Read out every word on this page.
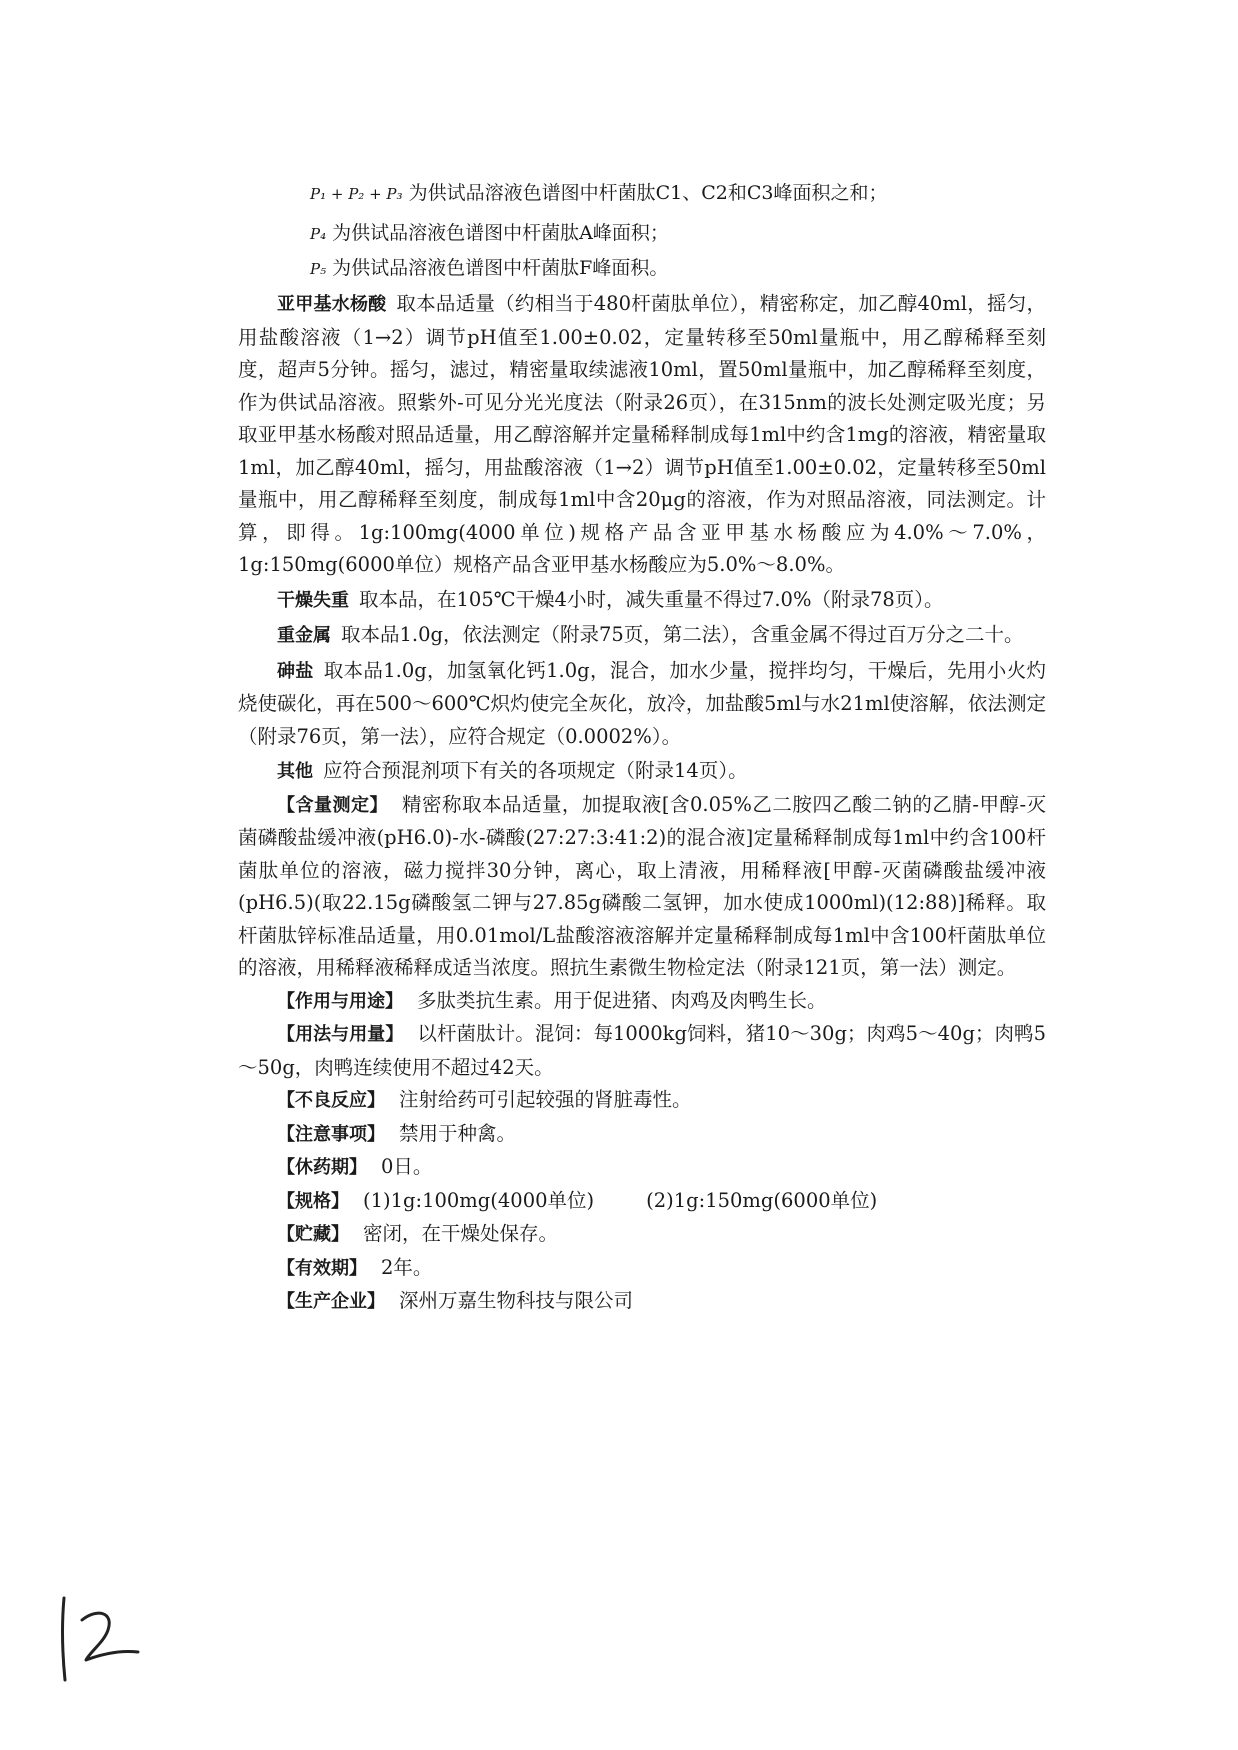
P₁ + P₂ + P₃ 为供试品溶液色谱图中杆菌肽C1、C2和C3峰面积之和；
P₄ 为供试品溶液色谱图中杆菌肽A峰面积；
P₅ 为供试品溶液色谱图中杆菌肽F峰面积。

亚甲基水杨酸 取本品适量（约相当于480杆菌肽单位），精密称定，加乙醇40ml，摇匀，用盐酸溶液（1→2）调节pH值至1.00±0.02，定量转移至50ml量瓶中，用乙醇稀释至刻度，超声5分钟。摇匀，滤过，精密量取续滤液10ml，置50ml量瓶中，加乙醇稀释至刻度，作为供试品溶液。照紫外-可见分光光度法（附录26页），在315nm的波长处测定吸光度；另取亚甲基水杨酸对照品适量，用乙醇溶解并定量稀释制成每1ml中约含1mg的溶液，精密量取1ml，加乙醇40ml，摇匀，用盐酸溶液（1→2）调节pH值至1.00±0.02，定量转移至50ml量瓶中，用乙醇稀释至刻度，制成每1ml中含20μg的溶液，作为对照品溶液，同法测定。计算，即得。1g:100mg(4000单位)规格产品含亚甲基水杨酸应为4.0%～7.0%，1g:150mg(6000单位）规格产品含亚甲基水杨酸应为5.0%～8.0%。

干燥失重 取本品，在105℃干燥4小时，减失重量不得过7.0%（附录78页）。

重金属 取本品1.0g，依法测定（附录75页，第二法），含重金属不得过百万分之二十。

砷盐 取本品1.0g，加氢氧化钙1.0g，混合，加水少量，搅拌均匀，干燥后，先用小火灼烧使碳化，再在500～600℃炽灼使完全灰化，放冷，加盐酸5ml与水21ml使溶解，依法测定（附录76页，第一法），应符合规定（0.0002%）。

其他 应符合预混剂项下有关的各项规定（附录14页）。

【 含量测定 】 精密称取本品适量，加提取液[含0.05%乙二胺四乙酸二钠的乙腈-甲醇-灭菌磷酸盐缓冲液(pH6.0)-水-磷酸(27:27:3:41:2)的混合液]定量稀释制成每1ml中约含100杆菌肽单位的溶液，磁力搅拌30分钟，离心，取上清液，用稀释液[甲醇-灭菌磷酸盐缓冲液(pH6.5)(取22.15g磷酸氢二钾与27.85g磷酸二氢钾，加水使成1000ml)(12:88)]稀释。取杆菌肽锌标准品适量，用0.01mol/L盐酸溶液溶解并定量稀释制成每1ml中含100杆菌肽单位的溶液，用稀释液稀释成适当浓度。照抗生素微生物检定法（附录121页，第一法）测定。

【 作用与用途 】 多肽类抗生素。用于促进猪、肉鸡及肉鸭生长。

【 用法与用量 】 以杆菌肽计。混饲：每1000kg饲料，猪10～30g；肉鸡5～40g；肉鸭5～50g，肉鸭连续使用不超过42天。

【 不良反应 】 注射给药可引起较强的肾脏毒性。

【 注意事项 】 禁用于种禽。

【 休药期 】 0日。

【 规格 】 (1)1g:100mg(4000单位)	(2)1g:150mg(6000单位)

【 贮藏 】 密闭，在干燥处保存。

【 有效期 】 2年。

【 生产企业 】 深州万嘉生物科技与限公司
